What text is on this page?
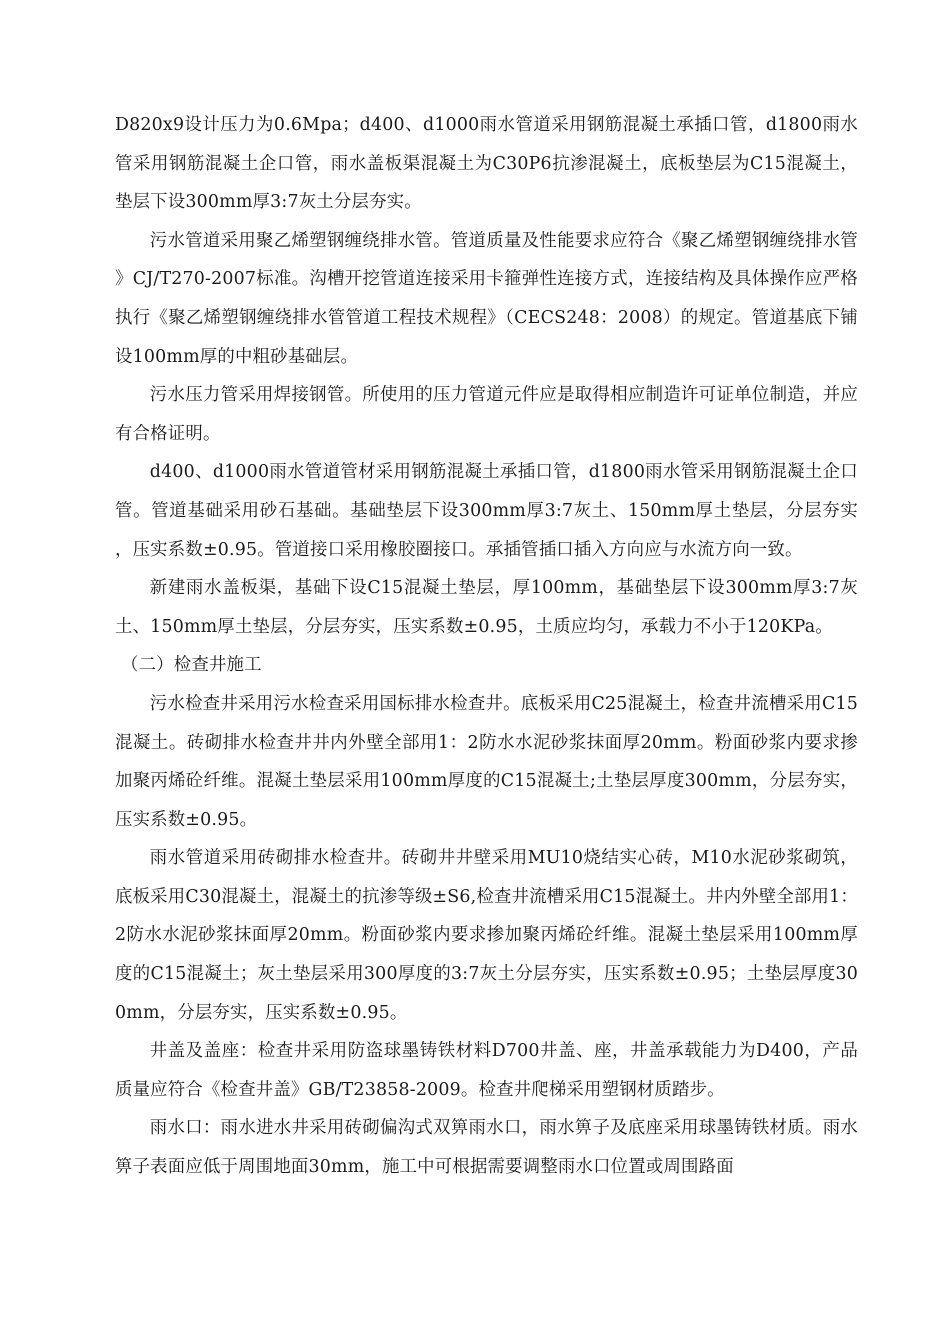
D820x9设计压力为0.6Mpa；d400、d1000雨水管道采用钢筋混凝土承插口管，d1800雨水管采用钢筋混凝土企口管，雨水盖板渠混凝土为C30P6抗渗混凝土，底板垫层为C15混凝土，垫层下设300mm厚3:7灰土分层夯实。

污水管道采用聚乙烯塑钢缠绕排水管。管道质量及性能要求应符合《聚乙烯塑钢缠绕排水管》CJ/T270-2007标准。沟槽开挖管道连接采用卡箍弹性连接方式，连接结构及具体操作应严格执行《聚乙烯塑钢缠绕排水管管道工程技术规程》（CECS248：2008）的规定。管道基底下铺设100mm厚的中粗砂基础层。

污水压力管采用焊接钢管。所使用的压力管道元件应是取得相应制造许可证单位制造，并应有合格证明。

d400、d1000雨水管道管材采用钢筋混凝土承插口管，d1800雨水管采用钢筋混凝土企口管。管道基础采用砂石基础。基础垫层下设300mm厚3:7灰土、150mm厚土垫层，分层夯实，压实系数±0.95。管道接口采用橡胶圈接口。承插管插口插入方向应与水流方向一致。

新建雨水盖板渠，基础下设C15混凝土垫层，厚100mm，基础垫层下设300mm厚3:7灰土、150mm厚土垫层，分层夯实，压实系数±0.95，土质应均匀，承载力不小于120KPa。

（二）检查井施工

污水检查井采用污水检查采用国标排水检查井。底板采用C25混凝土，检查井流槽采用C15混凝土。砖砌排水检查井井内外壁全部用1：2防水水泥砂浆抹面厚20mm。粉面砂浆内要求掺加聚丙烯砼纤维。混凝土垫层采用100mm厚度的C15混凝土;土垫层厚度300mm，分层夯实，压实系数±0.95。

雨水管道采用砖砌排水检查井。砖砌井井壁采用MU10烧结实心砖，M10水泥砂浆砌筑，底板采用C30混凝土，混凝土的抗渗等级±S6,检查井流槽采用C15混凝土。井内外壁全部用1：2防水水泥砂浆抹面厚20mm。粉面砂浆内要求掺加聚丙烯砼纤维。混凝土垫层采用100mm厚度的C15混凝土；灰土垫层采用300厚度的3:7灰土分层夯实，压实系数±0.95；土垫层厚度300mm，分层夯实，压实系数±0.95。

井盖及盖座：检查井采用防盗球墨铸铁材料D700井盖、座，井盖承载能力为D400，产品质量应符合《检查井盖》GB/T23858-2009。检查井爬梯采用塑钢材质踏步。

雨水口：雨水进水井采用砖砌偏沟式双箅雨水口，雨水箅子及底座采用球墨铸铁材质。雨水箅子表面应低于周围地面30mm，施工中可根据需要调整雨水口位置或周围路面
